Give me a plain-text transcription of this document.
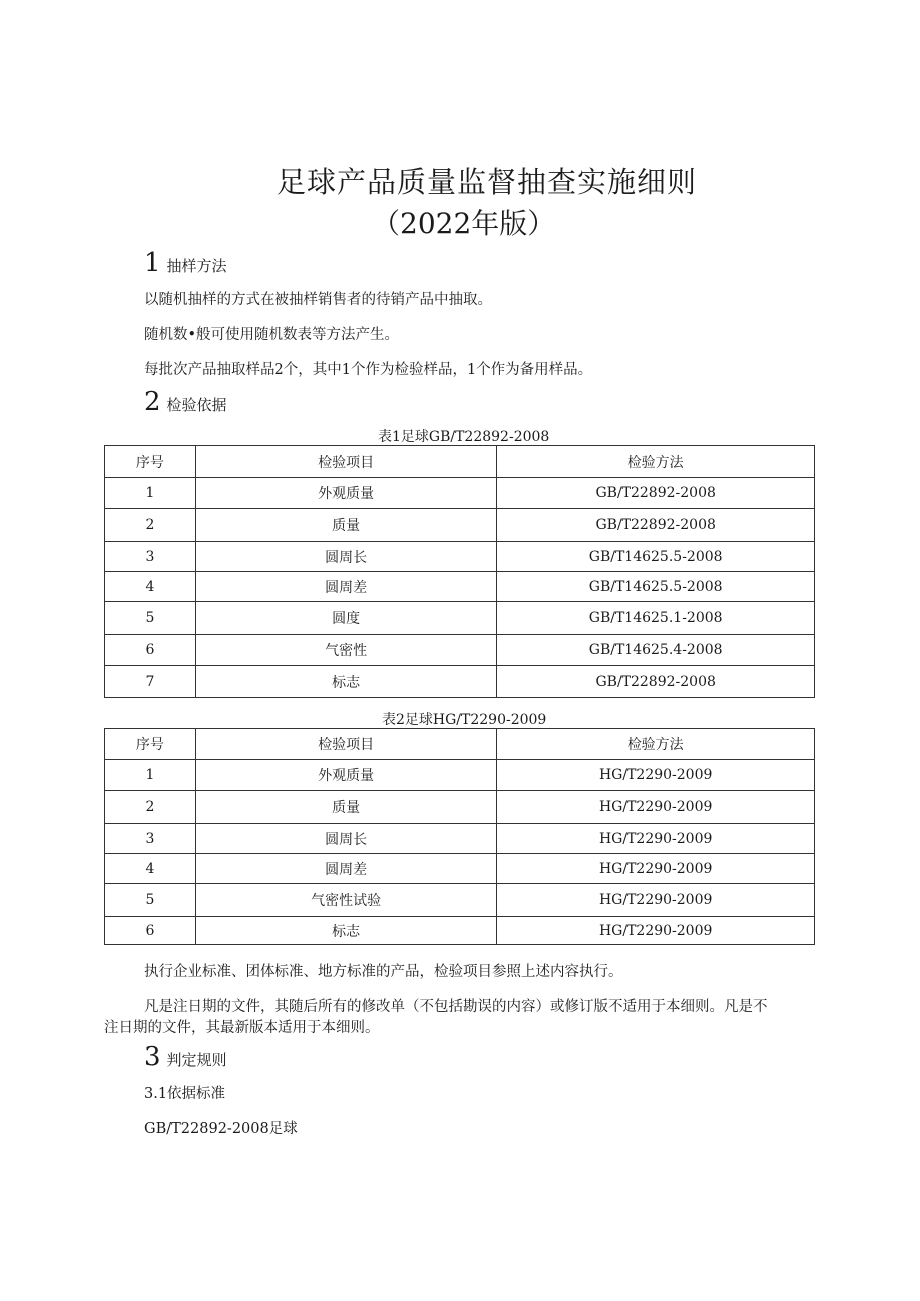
足球产品质量监督抽查实施细则
（2022年版）
1 抽样方法
以随机抽样的方式在被抽样销售者的待销产品中抽取。
随机数•般可使用随机数表等方法产生。
每批次产品抽取样品2个，其中1个作为检验样品，1个作为备用样品。
2 检验依据
表1足球GB/T22892-2008
序号	检验项目	检验方法
1	外观质量	GB/T22892-2008
2	质量	GB/T22892-2008
3	圆周长	GB/T14625.5-2008
4	圆周差	GB/T14625.5-2008
5	圆度	GB/T14625.1-2008
6	气密性	GB/T14625.4-2008
7	标志	GB/T22892-2008
表2足球HG/T2290-2009
序号	检验项目	检验方法
1	外观质量	HG/T2290-2009
2	质量	HG/T2290-2009
3	圆周长	HG/T2290-2009
4	圆周差	HG/T2290-2009
5	气密性试验	HG/T2290-2009
6	标志	HG/T2290-2009
执行企业标准、团体标准、地方标准的产品，检验项目参照上述内容执行。
凡是注日期的文件，其随后所有的修改单（不包括勘误的内容）或修订版不适用于本细则。凡是不
注日期的文件，其最新版本适用于本细则。
3 判定规则
3.1依据标准
GB/T22892-2008足球
